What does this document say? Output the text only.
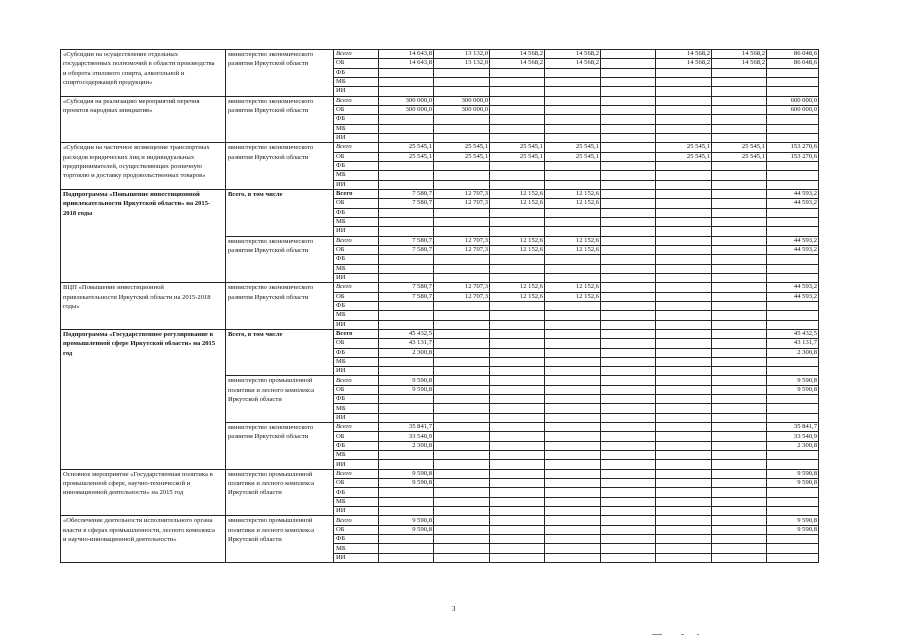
«Субсидии на осуществление отдельных
государственных полномочий в области производства
и оборота этилового спирта, алкогольной и
спиртосодержащей продукции»	министерство экономического
развития Иркутской области	Всего	14 643,8	13 132,0	14 568,2	14 568,2		14 568,2	14 568,2	86 048,6
		ОБ	14 643,8	13 132,0	14 568,2	14 568,2		14 568,2	14 568,2	86 048,6
		ФБ								
		МБ								
		ИИ								

«Субсидия на реализацию мероприятий перечня
проектов народных инициатив»	министерство экономического
развития Иркутской области	Всего	300 000,0	300 000,0						600 000,0
		ОБ	300 000,0	300 000,0						600 000,0
		ФБ								
		МБ								
		ИИ								

«Субсидии на частичное возмещение транспортных
расходов юридических лиц и индивидуальных
предпринимателей, осуществляющих розничную
торговлю и доставку продовольственных товаров»	министерство экономического
развития Иркутской области	Всего	25 545,1	25 545,1	25 545,1	25 545,1		25 545,1	25 545,1	153 270,6
		ОБ	25 545,1	25 545,1	25 545,1	25 545,1		25 545,1	25 545,1	153 270,6
		ФБ								
		МБ								
		ИИ								

Подпрограмма «Повышение инвестиционной
привлекательности Иркутской области» на 2015-
2018 годы	Всего, в том числе	Всего	7 580,7	12 707,3	12 152,6	12 152,6				44 593,2
		ОБ	7 580,7	12 707,3	12 152,6	12 152,6				44 593,2
		ФБ								
		МБ								
		ИИ								

	министерство экономического
развития Иркутской области	Всего	7 580,7	12 707,3	12 152,6	12 152,6				44 593,2
		ОБ	7 580,7	12 707,3	12 152,6	12 152,6				44 593,2
		ФБ								
		МБ								
		ИИ								

ВЦП «Повышение инвестиционной
привлекательности Иркутской области на 2015-2018
годы»	министерство экономического
развития Иркутской области	Всего	7 580,7	12 707,3	12 152,6	12 152,6				44 593,2
		ОБ	7 580,7	12 707,3	12 152,6	12 152,6				44 593,2
		ФБ								
		МБ								
		ИИ								

Подпрограмма «Государственное регулирование в
промышленной сфере Иркутской области» на 2015
год	Всего, в том числе	Всего	45 432,5							45 432,5
		ОБ	43 131,7							43 131,7
		ФБ	2 300,8							2 300,8
		МБ								
		ИИ								

	министерство промышленной
политики и лесного комплекса
Иркутской области	Всего	9 590,8							9 590,8
		ОБ	9 590,8							9 590,8
		ФБ								
		МБ								
		ИИ								

	министерство экономического
развития Иркутской области	Всего	35 841,7							35 841,7
		ОБ	33 540,9							33 540,9
		ФБ	2 300,8							2 300,8
		МБ								
		ИИ								

Основное мероприятие «Государственная политика в
промышленной сфере, научно-технической и
инновационной деятельности» на 2015 год	министерство промышленной
политики и лесного комплекса
Иркутской области	Всего	9 590,8							9 590,8
		ОБ	9 590,8							9 590,8
		ФБ								
		МБ								
		ИИ								

«Обеспечение деятельности исполнительного органа
власти в сферах промышленности, лесного комплекса
и научно-инновационной деятельности»	министерство промышленной
политики и лесного комплекса
Иркутской области	Всего	9 590,8							9 590,8
		ОБ	9 590,8							9 590,8
		ФБ								
		МБ								
		ИИ								
3
